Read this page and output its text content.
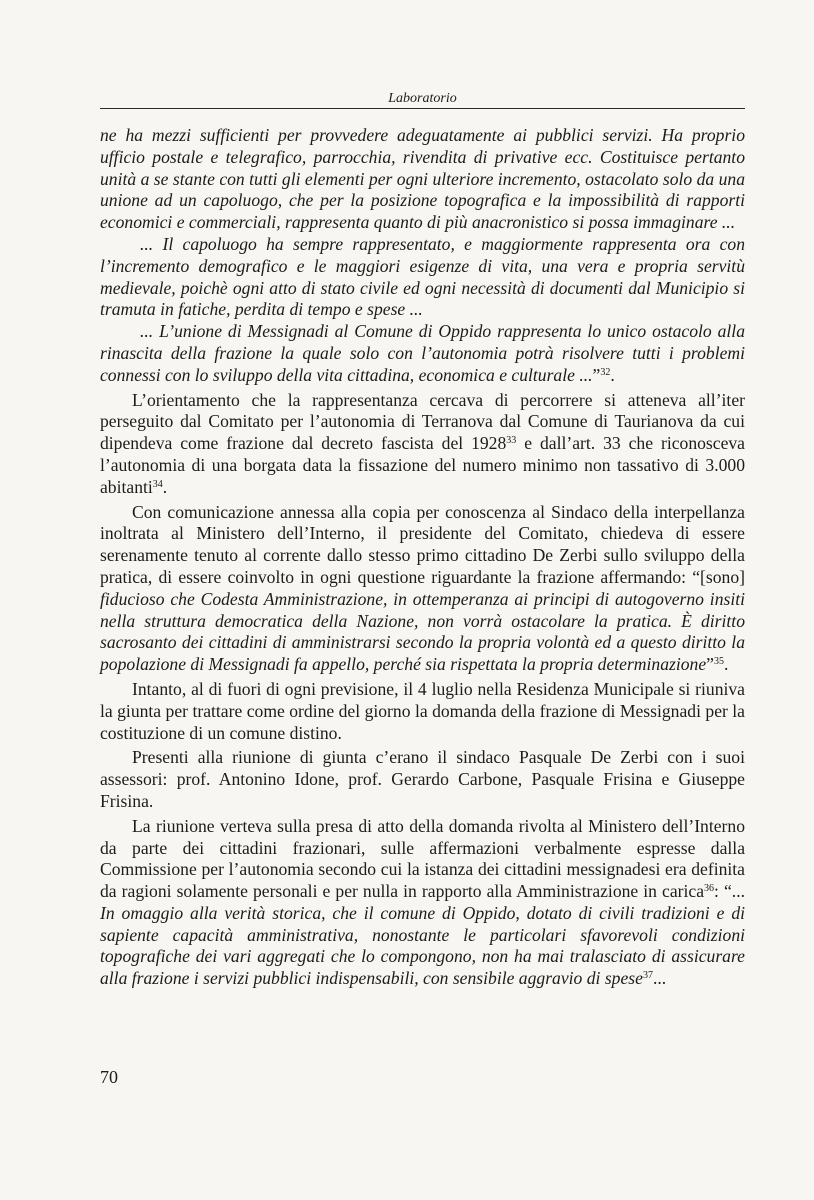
Laboratorio

ne ha mezzi sufficienti per provvedere adeguatamente ai pubblici servizi. Ha proprio ufficio postale e telegrafico, parrocchia, rivendita di privative ecc. Costituisce pertanto unità a se stante con tutti gli elementi per ogni ulteriore incremento, ostacolato solo da una unione ad un capoluogo, che per la posizione topografica e la impossibilità di rapporti economici e commerciali, rappresenta quanto di più anacronistico si possa immaginare ...

... Il capoluogo ha sempre rappresentato, e maggiormente rappresenta ora con l’incremento demografico e le maggiori esigenze di vita, una vera e propria servitù medievale, poichè ogni atto di stato civile ed ogni necessità di documenti dal Municipio si tramuta in fatiche, perdita di tempo e spese ...

... L’unione di Messignadi al Comune di Oppido rappresenta lo unico ostacolo alla rinascita della frazione la quale solo con l’autonomia potrà risolvere tutti i problemi connessi con lo sviluppo della vita cittadina, economica e culturale ...”$^{32}$.

L’orientamento che la rappresentanza cercava di percorrere si atteneva all’iter perseguito dal Comitato per l’autonomia di Terranova dal Comune di Taurianova da cui dipendeva come frazione dal decreto fascista del 1928$^{33}$ e dall’art. 33 che riconosceva l’autonomia di una borgata data la fissazione del numero minimo non tassativo di 3.000 abitanti$^{34}$.

Con comunicazione annessa alla copia per conoscenza al Sindaco della interpellanza inoltrata al Ministero dell’Interno, il presidente del Comitato, chiedeva di essere serenamente tenuto al corrente dallo stesso primo cittadino De Zerbi sullo sviluppo della pratica, di essere coinvolto in ogni questione riguardante la frazione affermando: “[sono] fiducioso che Codesta Amministrazione, in ottemperanza ai principi di autogoverno insiti nella struttura democratica della Nazione, non vorrà ostacolare la pratica. È diritto sacrosanto dei cittadini di amministrarsi secondo la propria volontà ed a questo diritto la popolazione di Messignadi fa appello, perché sia rispettata la propria determinazione”$^{35}$.

Intanto, al di fuori di ogni previsione, il 4 luglio nella Residenza Municipale si riuniva la giunta per trattare come ordine del giorno la domanda della frazione di Messignadi per la costituzione di un comune distino.

Presenti alla riunione di giunta c’erano il sindaco Pasquale De Zerbi con i suoi assessori: prof. Antonino Idone, prof. Gerardo Carbone, Pasquale Frisina e Giuseppe Frisina.

La riunione verteva sulla presa di atto della domanda rivolta al Ministero dell’Interno da parte dei cittadini frazionari, sulle affermazioni verbalmente espresse dalla Commissione per l’autonomia secondo cui la istanza dei cittadini messignadesi era definita da ragioni solamente personali e per nulla in rapporto alla Amministrazione in carica$^{36}$: “... In omaggio alla verità storica, che il comune di Oppido, dotato di civili tradizioni e di sapiente capacità amministrativa, nonostante le particolari sfavorevoli condizioni topografiche dei vari aggregati che lo compongono, non ha mai tralasciato di assicurare alla frazione i servizi pubblici indispensabili, con sensibile aggravio di spese$^{37}$...

70
